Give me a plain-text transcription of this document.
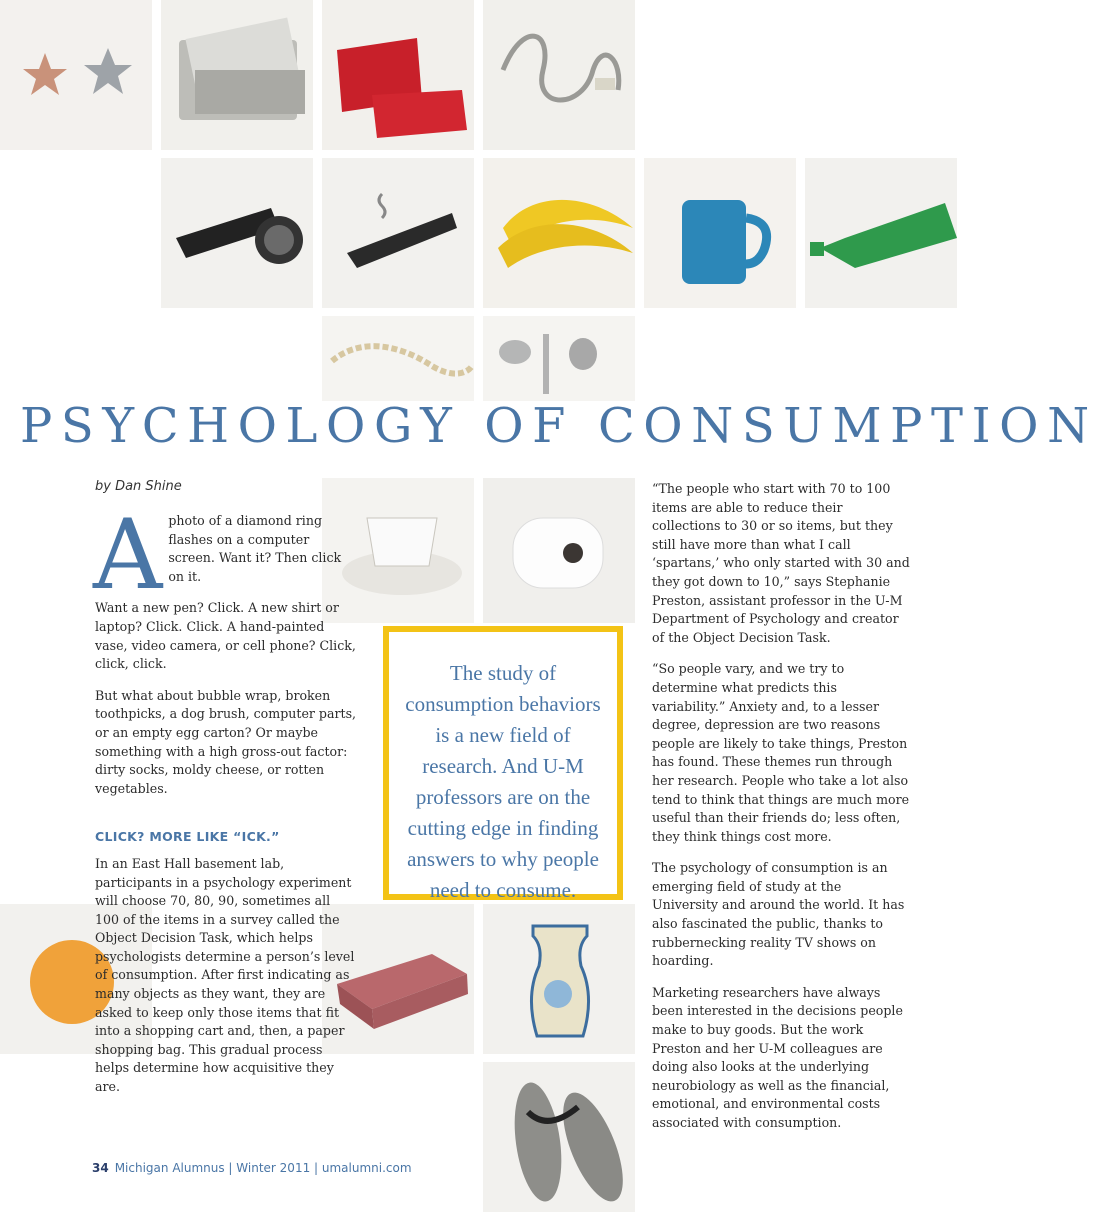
PSYCHOLOGY OF CONSUMPTION

by Dan Shine

Aphoto of a diamond ring flashes on a computer screen. Want it? Then click on it.

Want a new pen? Click. A new shirt or laptop? Click. Click. A hand-painted vase, video camera, or cell phone? Click, click, click.

But what about bubble wrap, broken toothpicks, a dog brush, computer parts, or an empty egg carton? Or maybe something with a high gross-out factor: dirty socks, moldy cheese, or rotten vegetables.

CLICK? MORE LIKE “ICK.”

In an East Hall basement lab, participants in a psychology experiment will choose 70, 80, 90, sometimes all 100 of the items in a survey called the Object Decision Task, which helps psychologists determine a person’s level of consumption. After first indicating as many objects as they want, they are asked to keep only those items that fit into a shopping cart and, then, a paper shopping bag. This gradual process helps determine how acquisitive they are.

The study of consumption behaviors is a new field of research. And U-M professors are on the cutting edge in finding answers to why people need to consume.

“The people who start with 70 to 100 items are able to reduce their collections to 30 or so items, but they still have more than what I call ‘spartans,’ who only started with 30 and they got down to 10,” says Stephanie Preston, assistant professor in the U-M Department of Psychology and creator of the Object Decision Task.

“So people vary, and we try to determine what predicts this variability.” Anxiety and, to a lesser degree, depression are two reasons people are likely to take things, Preston has found. These themes run through her research. People who take a lot also tend to think that things are much more useful than their friends do; less often, they think things cost more.

The psychology of consumption is an emerging field of study at the University and around the world. It has also fascinated the public, thanks to rubbernecking reality TV shows on hoarding.

Marketing researchers have always been interested in the decisions people make to buy goods. But the work Preston and her U-M colleagues are doing also looks at the underlying neurobiology as well as the financial, emotional, and environmental costs associated with consumption.

34 Michigan Alumnus | Winter 2011 | umalumni.com
